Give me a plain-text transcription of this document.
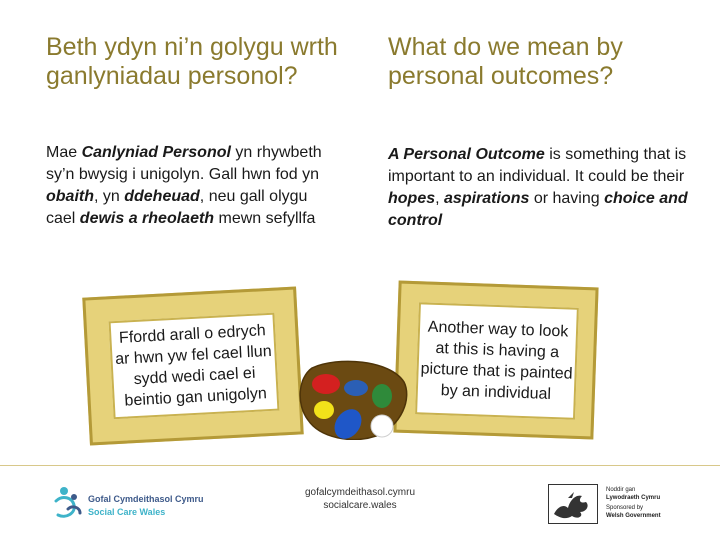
Beth ydyn ni’n golygu wrth ganlyniadau personol?
What do we mean by personal outcomes?

Mae Canlyniad Personol yn rhywbeth sy’n bwysig i unigolyn. Gall hwn fod yn obaith, yn ddeheuad, neu gall olygu cael dewis a rheolaeth mewn sefyllfa

A Personal Outcome is something that is important to an individual. It could be their hopes, aspirations or having choice and control

Ffordd arall o edrych ar hwn yw fel cael llun sydd wedi cael ei beintio gan unigolyn
Another way to look at this is having a picture that is painted by an individual
Gofal Cymdeithasol Cymru
Social Care Wales
gofalcymdeithasol.cymru
socialcare.wales
Noddir gan
Lywodraeth Cymru
Sponsored by
Welsh Government
